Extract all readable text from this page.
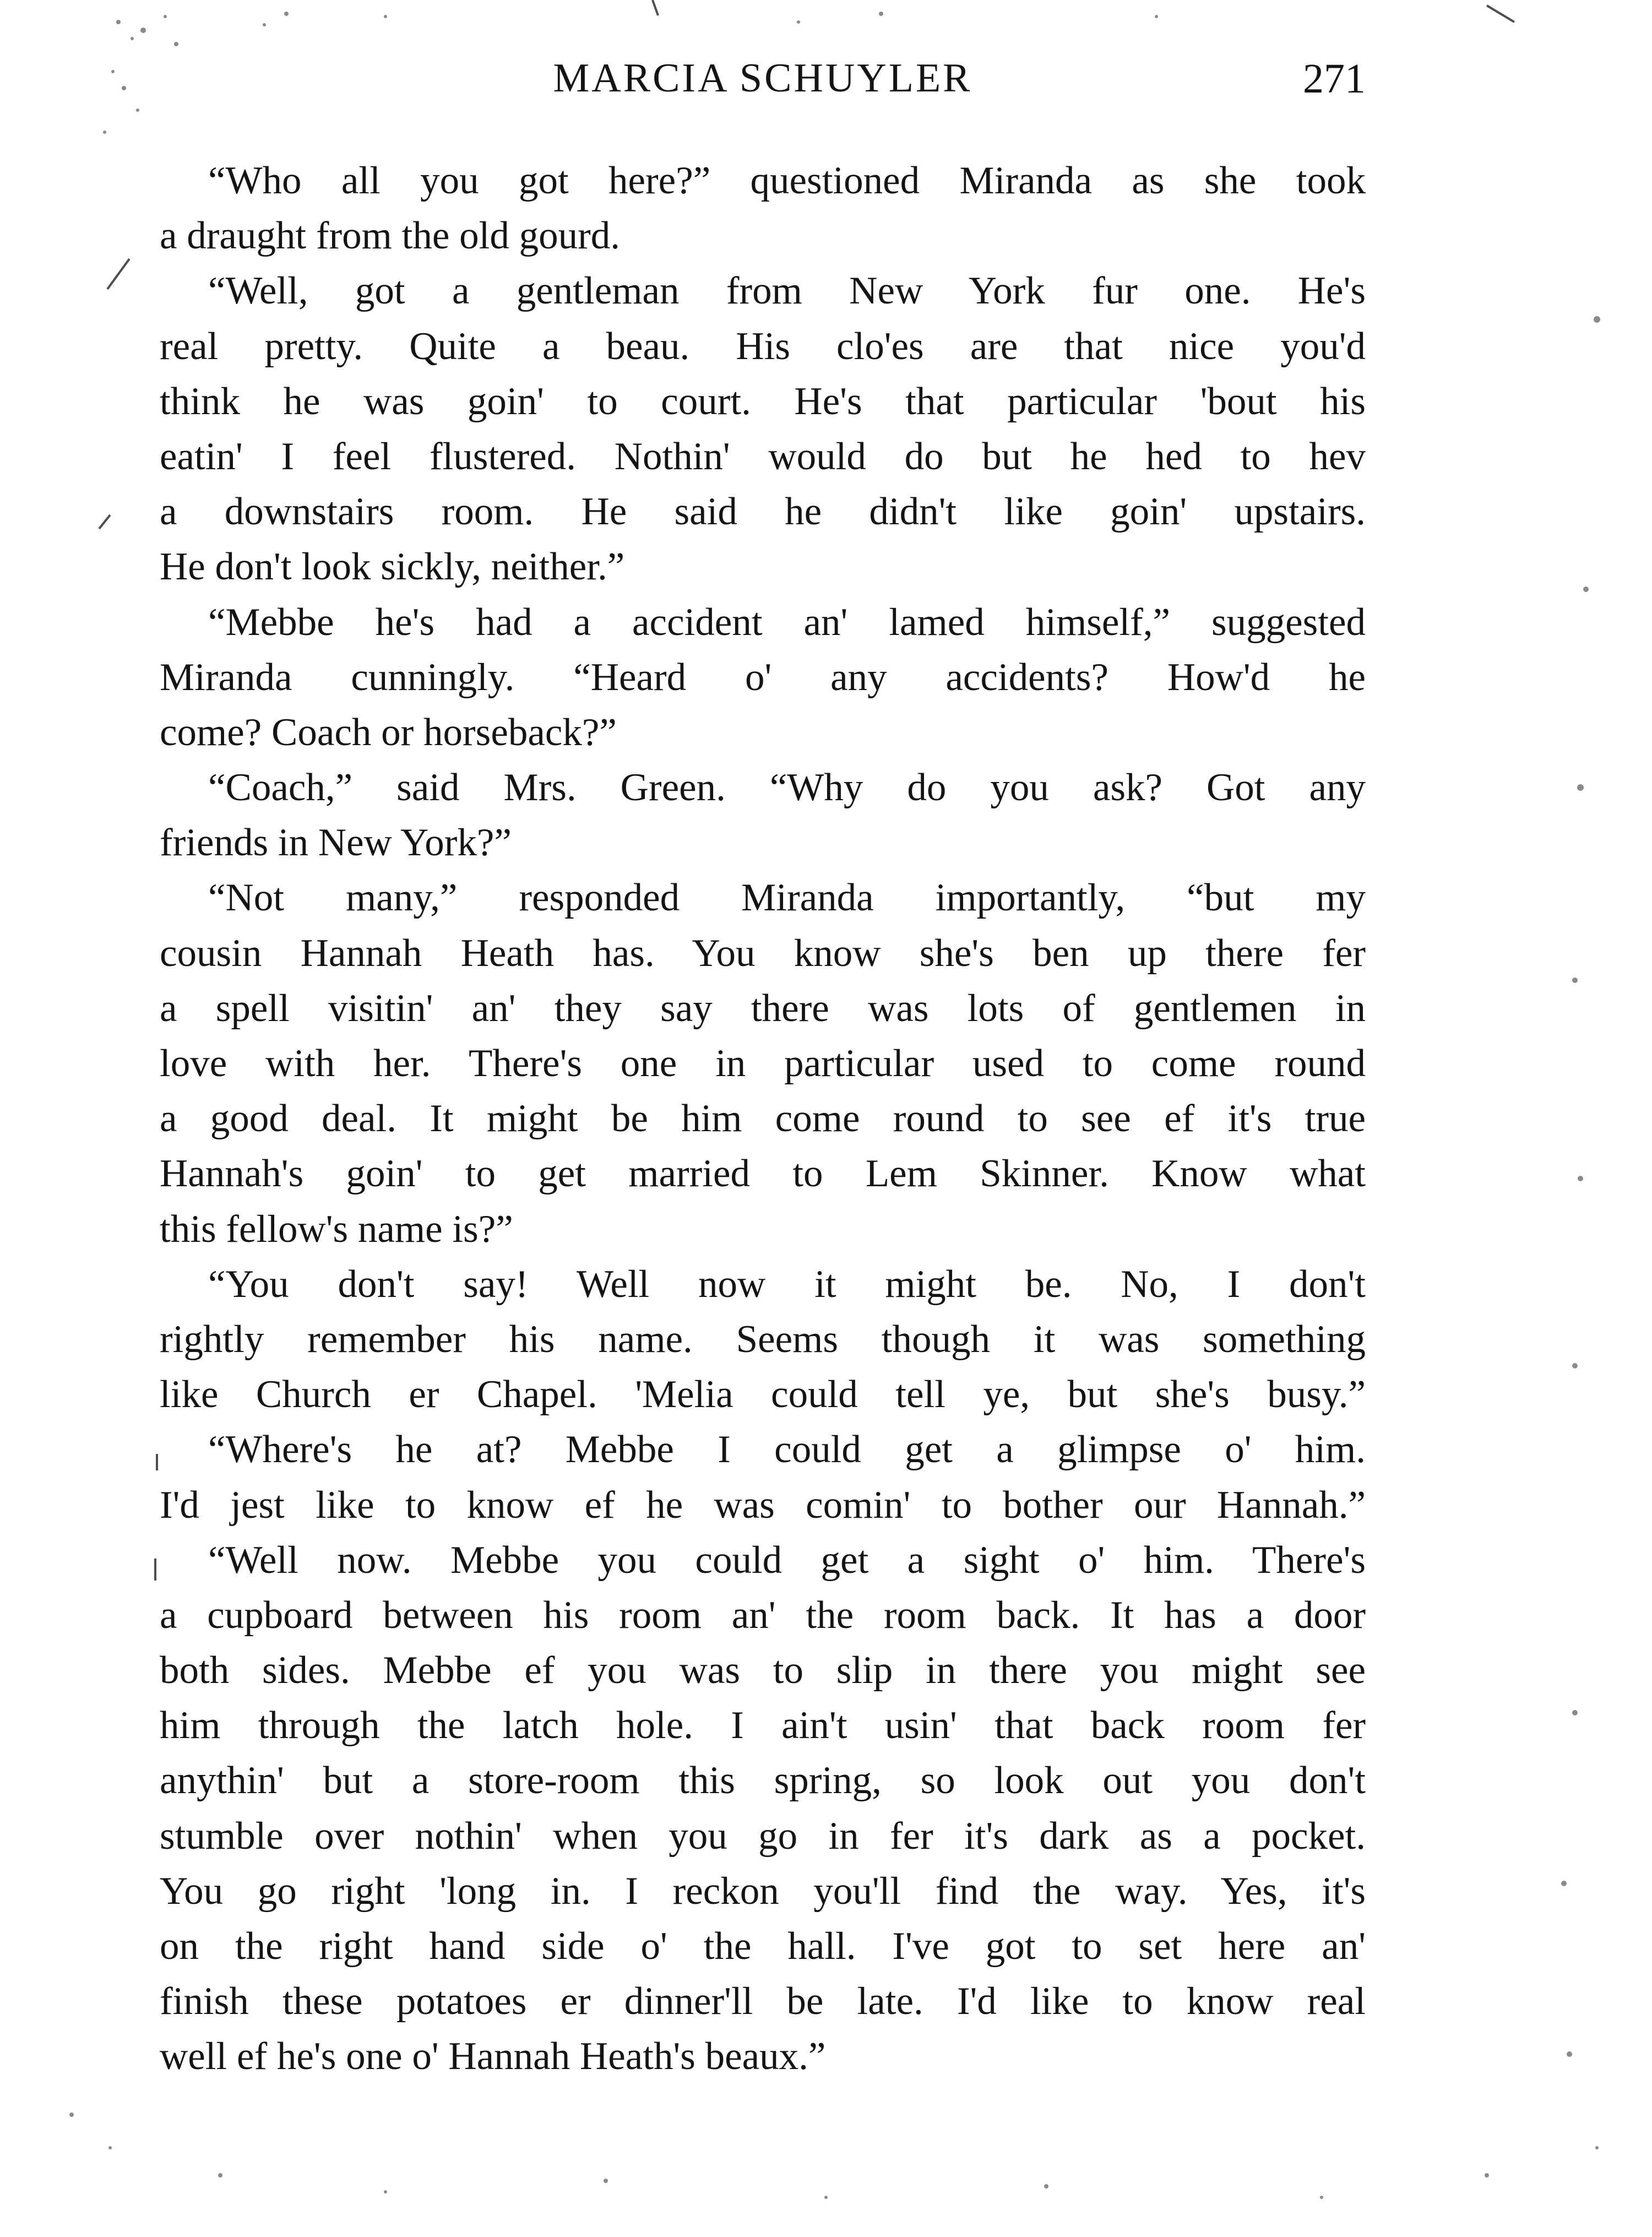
MARCIA SCHUYLER	271
“Who all you got here?” questioned Miranda as she took
a draught from the old gourd.
“Well, got a gentleman from New York fur one. He's
real pretty. Quite a beau. His clo'es are that nice you'd
think he was goin' to court. He's that particular 'bout his
eatin' I feel flustered. Nothin' would do but he hed to hev
a downstairs room. He said he didn't like goin' upstairs.
He don't look sickly, neither.”
“Mebbe he's had a accident an' lamed himself,” suggested
Miranda cunningly. “Heard o' any accidents? How'd he
come? Coach or horseback?”
“Coach,” said Mrs. Green. “Why do you ask? Got any
friends in New York?”
“Not many,” responded Miranda importantly, “but my
cousin Hannah Heath has. You know she's ben up there fer
a spell visitin' an' they say there was lots of gentlemen in
love with her. There's one in particular used to come round
a good deal. It might be him come round to see ef it's true
Hannah's goin' to get married to Lem Skinner. Know what
this fellow's name is?”
“You don't say! Well now it might be. No, I don't
rightly remember his name. Seems though it was something
like Church er Chapel. 'Melia could tell ye, but she's busy.”
“Where's he at? Mebbe I could get a glimpse o' him.
I'd jest like to know ef he was comin' to bother our Hannah.”
“Well now. Mebbe you could get a sight o' him. There's
a cupboard between his room an' the room back. It has a door
both sides. Mebbe ef you was to slip in there you might see
him through the latch hole. I ain't usin' that back room fer
anythin' but a store-room this spring, so look out you don't
stumble over nothin' when you go in fer it's dark as a pocket.
You go right 'long in. I reckon you'll find the way. Yes, it's
on the right hand side o' the hall. I've got to set here an'
finish these potatoes er dinner'll be late. I'd like to know real
well ef he's one o' Hannah Heath's beaux.”
